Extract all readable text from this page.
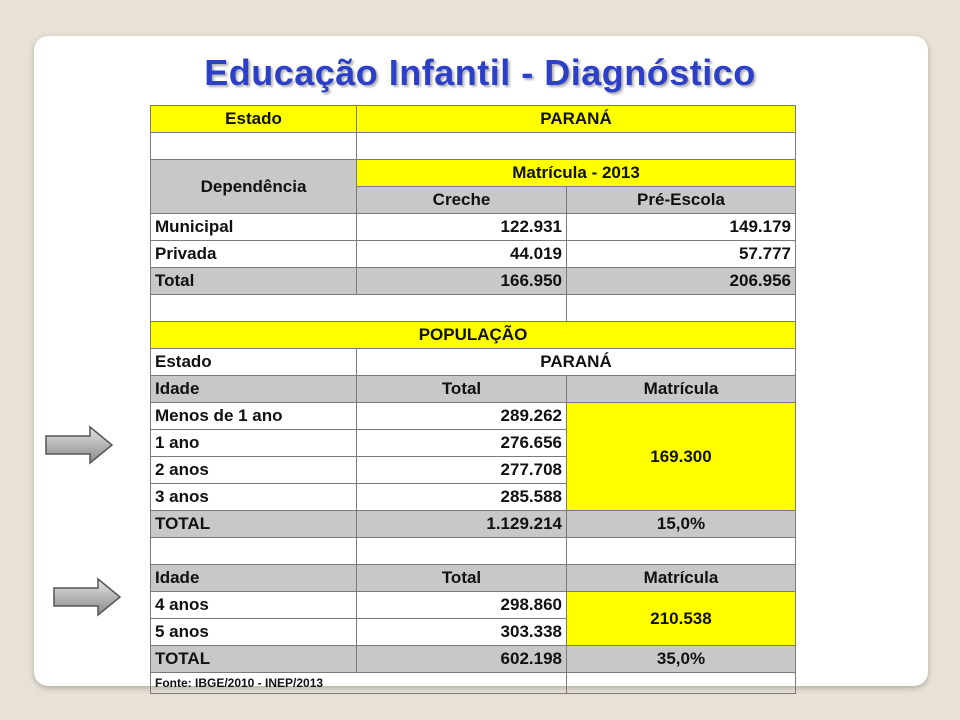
Educação Infantil - Diagnóstico
Estado	PARANÁ	

Dependência	Matrícula - 2013	
	Creche	Pré-Escola
Municipal	122.931	149.179
Privada	44.019	57.777
Total	166.950	206.956

POPULAÇÃO		
Estado	PARANÁ	
Idade	Total	Matrícula
Menos de 1 ano	289.262	169.300
1 ano	276.656	
2 anos	277.708	
3 anos	285.588	
TOTAL	1.129.214	15,0%

Idade	Total	Matrícula
4 anos	298.860	210.538
5 anos	303.338	
TOTAL	602.198	35,0%
Fonte: IBGE/2010 - INEP/2013		
